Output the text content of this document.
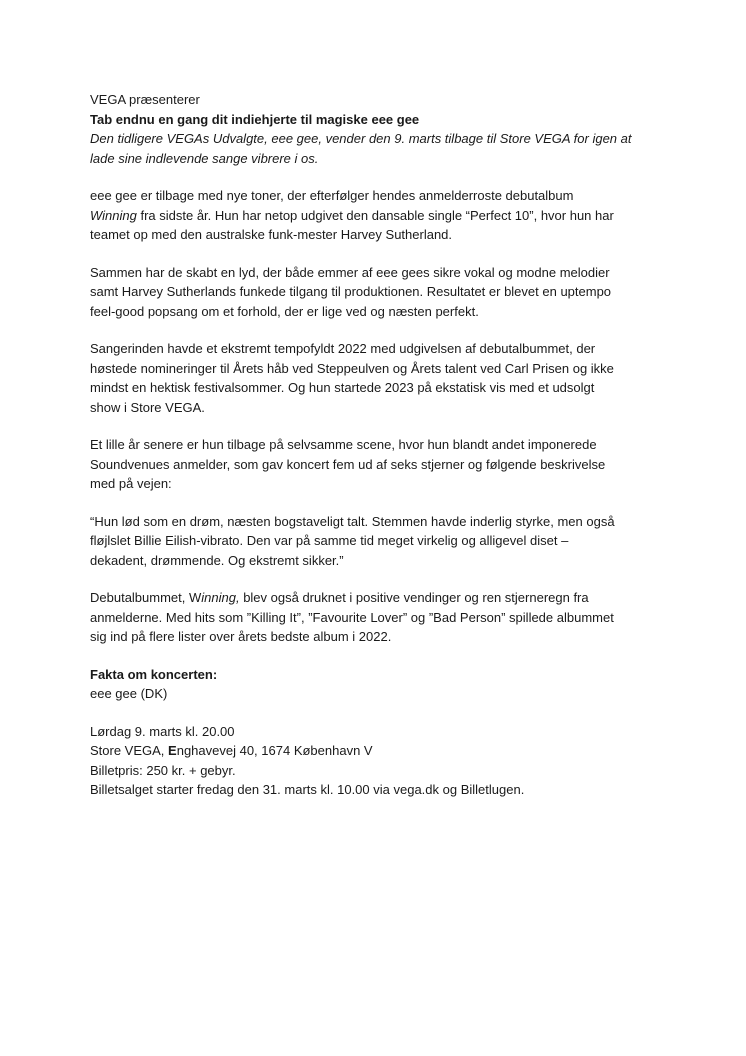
VEGA præsenterer
Tab endnu en gang dit indiehjerte til magiske eee gee
Den tidligere VEGAs Udvalgte, eee gee, vender den 9. marts tilbage til Store VEGA for igen at
lade sine indlevende sange vibrere i os.

eee gee er tilbage med nye toner, der efterfølger hendes anmelderroste debutalbum
Winning fra sidste år. Hun har netop udgivet den dansable single “Perfect 10”, hvor hun har
teamet op med den australske funk-mester Harvey Sutherland.

Sammen har de skabt en lyd, der både emmer af eee gees sikre vokal og modne melodier
samt Harvey Sutherlands funkede tilgang til produktionen. Resultatet er blevet en uptempo
feel-good popsang om et forhold, der er lige ved og næsten perfekt.

Sangerinden havde et ekstremt tempofyldt 2022 med udgivelsen af debutalbummet, der
høstede nomineringer til Årets håb ved Steppeulven og Årets talent ved Carl Prisen og ikke
mindst en hektisk festivalsommer. Og hun startede 2023 på ekstatisk vis med et udsolgt
show i Store VEGA.

Et lille år senere er hun tilbage på selvsamme scene, hvor hun blandt andet imponerede
Soundvenues anmelder, som gav koncert fem ud af seks stjerner og følgende beskrivelse
med på vejen:

“Hun lød som en drøm, næsten bogstaveligt talt. Stemmen havde inderlig styrke, men også
fløjlslet Billie Eilish-vibrato. Den var på samme tid meget virkelig og alligevel diset –
dekadent, drømmende. Og ekstremt sikker.”

Debutalbummet, Winning, blev også druknet i positive vendinger og ren stjerneregn fra
anmelderne. Med hits som ”Killing It”, ”Favourite Lover” og ”Bad Person” spillede albummet
sig ind på flere lister over årets bedste album i 2022.

Fakta om koncerten:
eee gee (DK)
Lørdag 9. marts kl. 20.00
Store VEGA, Enghavevej 40, 1674 København V
Billetpris: 250 kr. + gebyr.
Billetsalget starter fredag den 31. marts kl. 10.00 via vega.dk og Billetlugen.
